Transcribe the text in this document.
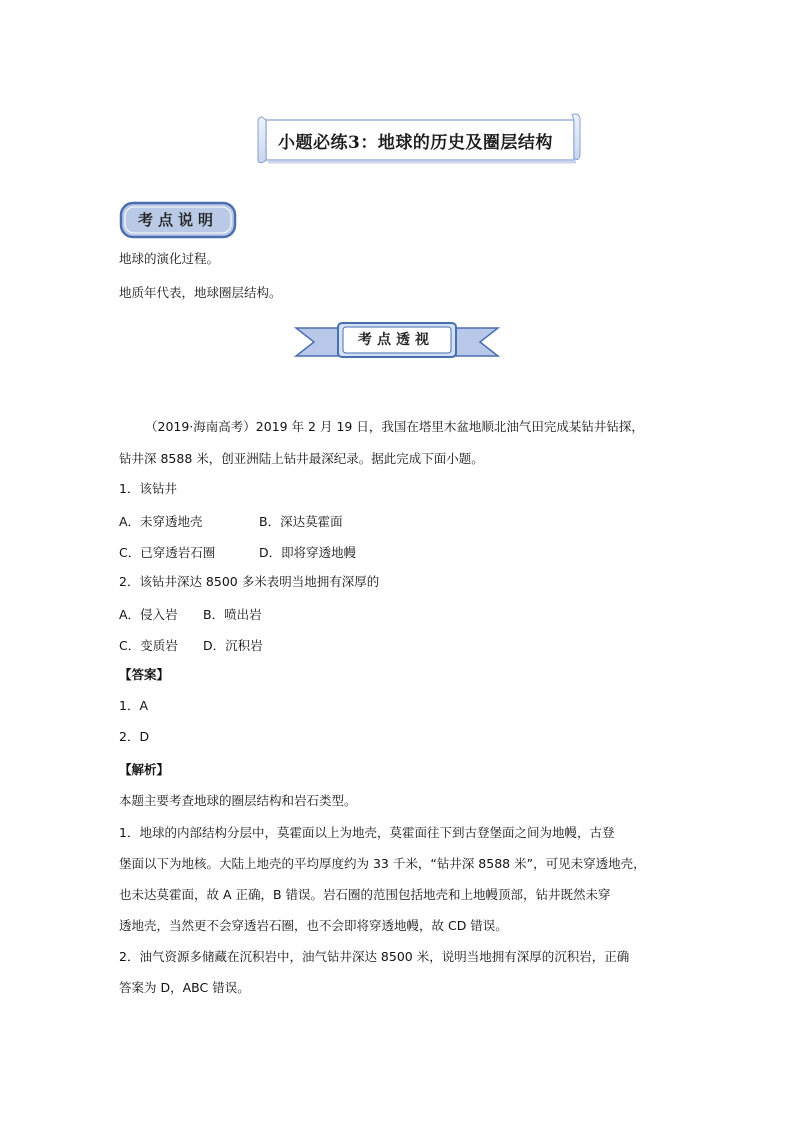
小题必练3：地球的历史及圈层结构
考点说明
地球的演化过程。
地质年代表，地球圈层结构。
考点透视
（2019·海南高考）2019 年 2 月 19 日，我国在塔里木盆地顺北油气田完成某钻井钻探，
钻井深 8588 米，创亚洲陆上钻井最深纪录。据此完成下面小题。
1．该钻井
A．未穿透地壳	B．深达莫霍面
C．已穿透岩石圈	D．即将穿透地幔
2．该钻井深达 8500 多米表明当地拥有深厚的
A．侵入岩 B．喷出岩
C．变质岩 D．沉积岩
【答案】
1．A
2．D
【解析】
本题主要考查地球的圈层结构和岩石类型。
1．地球的内部结构分层中，莫霍面以上为地壳，莫霍面往下到古登堡面之间为地幔，古登
堡面以下为地核。大陆上地壳的平均厚度约为 33 千米，“钻井深 8588 米”，可见未穿透地壳，
也未达莫霍面，故 A 正确，B 错误。岩石圈的范围包括地壳和上地幔顶部，钻井既然未穿
透地壳，当然更不会穿透岩石圈，也不会即将穿透地幔，故 CD 错误。
2．油气资源多储藏在沉积岩中，油气钻井深达 8500 米，说明当地拥有深厚的沉积岩，正确
答案为 D，ABC 错误。
